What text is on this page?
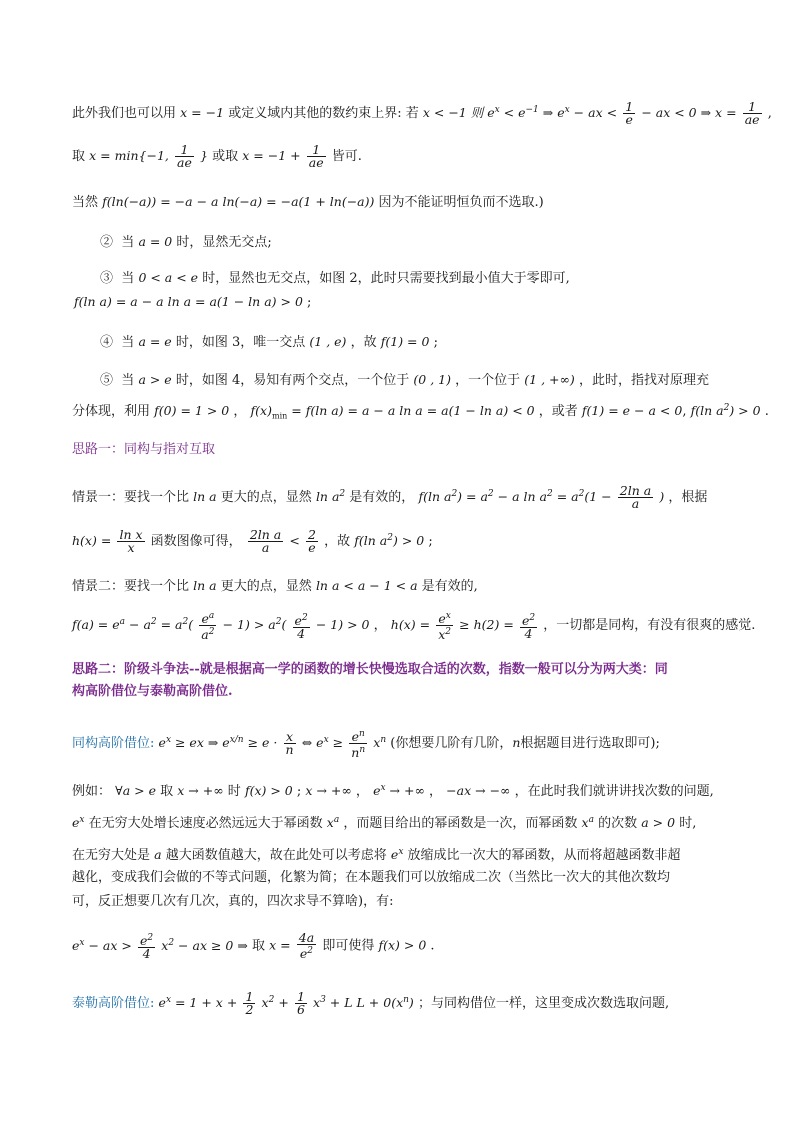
此外我们也可以用 x = −1 或定义域内其他的数约束上界: 若 x < −1 则 $e^x < e^{-1}$ ⇒ $e^x$ − ax < $\frac{1}{e}$ − ax < 0 ⇒ $x = \frac{1}{ae}$ ,
取 x = min{−1, $\frac{1}{ae}$ } 或取 $x = -1 + \frac{1}{ae}$ 皆可.
当然 f(ln(−a)) = −a − a ln(−a) = −a(1 + ln(−a)) 因为不能证明恒负而不选取.)
② 当 a = 0 时，显然无交点;
③ 当 0 < a < e 时，显然也无交点，如图 2，此时只需要找到最小值大于零即可,
f(ln a) = a − a ln a = a(1 − ln a) > 0 ;
④ 当 a = e 时，如图 3，唯一交点 (1 , e) ，故 f(1) = 0 ;
⑤ 当 a > e 时，如图 4，易知有两个交点，一个位于 (0 , 1) ，一个位于 (1 , +∞) ，此时，指找对原理充
分体现，利用 f(0) = 1 > 0 ， $f(x)_{min} = f(\ln$ a) = a − a ln a = a(1 − ln a) < 0 ，或者 f(1) = e − a < 0, f(ln $a^2) > 0$ .
思路一：同构与指对互取
情景一：要找一个比 ln a 更大的点，显然 $\ln a^2$ 是有效的， f(ln $a^2) = a^2 - a$ $\ln a^2 = a^2(1 - \frac{\text{2ln a}}{a}$ ) ，根据
$h(x) = \frac{\text{ln x}}{x}$ 函数图像可得， $\frac{\text{2ln a}}{a} < \frac{2}{e}$ ，故 f(ln $a^2) > 0$ ;
情景二：要找一个比 ln a 更大的点，显然 ln a < a − 1 < a 是有效的,
$f(a) = e^a - a^2 = a^2( \frac{e^a}{a^2} - 1) > a^2( \frac{e^2}{4} - 1) > 0$ ， $h(x) = \frac{e^x}{x^2} \ge h(2) = \frac{e^2}{4}$ ，一切都是同构，有没有很爽的感觉.
思路二：阶级斗争法--就是根据高一学的函数的增长快慢选取合适的次数，指数一般可以分为两大类：同
构高阶借位与泰勒高阶借位.
同构高阶借位: $e^x$ ≥ ex ⇒ $e^{x/n} \ge e \cdot \frac{x}{n}$ ⇔ $e^x \ge \frac{e^n}{n^n} x^n$ (你想要几阶有几阶，n根据题目进行选取即可);
例如： ∀a > e 取 x → +∞ 时 f(x) > 0 ; x → +∞ ， $e^x$ → +∞ ， −ax → −∞ ，在此时我们就讲讲找次数的问题,
$e^x$ 在无穷大处增长速度必然远远大于幂函数 $x^a$ ，而题目给出的幂函数是一次，而幂函数 $x^a$ 的次数 a > 0 时,
在无穷大处是 a 越大函数值越大，故在此处可以考虑将 $e^x$ 放缩成比一次大的幂函数，从而将超越函数非超
越化，变成我们会做的不等式问题，化繁为简；在本题我们可以放缩成二次（当然比一次大的其他次数均
可，反正想要几次有几次，真的，四次求导不算啥)，有:
$e^x$ − ax > $\frac{e^2}{4} x^2$ − ax ≥ 0 ⇒ 取 $x = \frac{4a}{e^2}$ 即可使得 f(x) > 0 .
泰勒高阶借位: $e^x = 1 + x + \frac{1}{2} x^2 + \frac{1}{6} x^3 + L$ $L + 0(x^n)$ ；与同构借位一样，这里变成次数选取问题,
